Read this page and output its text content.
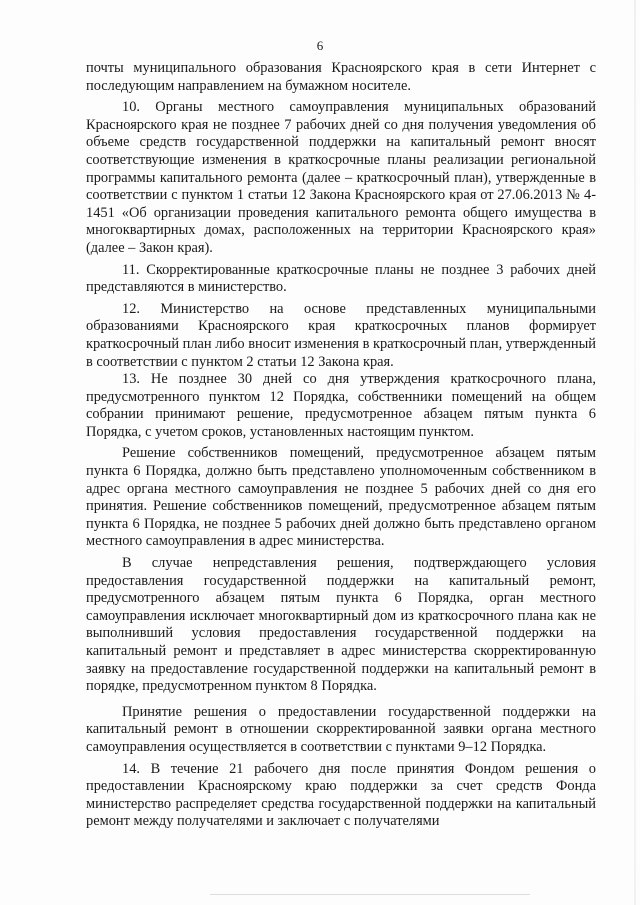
6

почты муниципального образования Красноярского края в сети Интернет с последующим направлением на бумажном носителе.

10. Органы местного самоуправления муниципальных образований Красноярского края не позднее 7 рабочих дней со дня получения уведомления об объеме средств государственной поддержки на капитальный ремонт вносят соответствующие изменения в краткосрочные планы реализации региональной программы капитального ремонта (далее – краткосрочный план), утвержденные в соответствии с пунктом 1 статьи 12 Закона Красноярского края от 27.06.2013 № 4-1451 «Об организации проведения капитального ремонта общего имущества в многоквартирных домах, расположенных на территории Красноярского края» (далее – Закон края).

11. Скорректированные краткосрочные планы не позднее 3 рабочих дней представляются в министерство.

12. Министерство на основе представленных муниципальными образованиями Красноярского края краткосрочных планов формирует краткосрочный план либо вносит изменения в краткосрочный план, утвержденный в соответствии с пунктом 2 статьи 12 Закона края.

13. Не позднее 30 дней со дня утверждения краткосрочного плана, предусмотренного пунктом 12 Порядка, собственники помещений на общем собрании принимают решение, предусмотренное абзацем пятым пункта 6 Порядка, с учетом сроков, установленных настоящим пунктом.

Решение собственников помещений, предусмотренное абзацем пятым пункта 6 Порядка, должно быть представлено уполномоченным собственником в адрес органа местного самоуправления не позднее 5 рабочих дней со дня его принятия. Решение собственников помещений, предусмотренное абзацем пятым пункта 6 Порядка, не позднее 5 рабочих дней должно быть представлено органом местного самоуправления в адрес министерства.

В случае непредставления решения, подтверждающего условия предоставления государственной поддержки на капитальный ремонт, предусмотренного абзацем пятым пункта 6 Порядка, орган местного самоуправления исключает многоквартирный дом из краткосрочного плана как не выполнивший условия предоставления государственной поддержки на капитальный ремонт и представляет в адрес министерства скорректированную заявку на предоставление государственной поддержки на капитальный ремонт в порядке, предусмотренном пунктом 8 Порядка.

Принятие решения о предоставлении государственной поддержки на капитальный ремонт в отношении скорректированной заявки органа местного самоуправления осуществляется в соответствии с пунктами 9–12 Порядка.

14. В течение 21 рабочего дня после принятия Фондом решения о предоставлении Красноярскому краю поддержки за счет средств Фонда министерство распределяет средства государственной поддержки на капитальный ремонт между получателями и заключает с получателями
